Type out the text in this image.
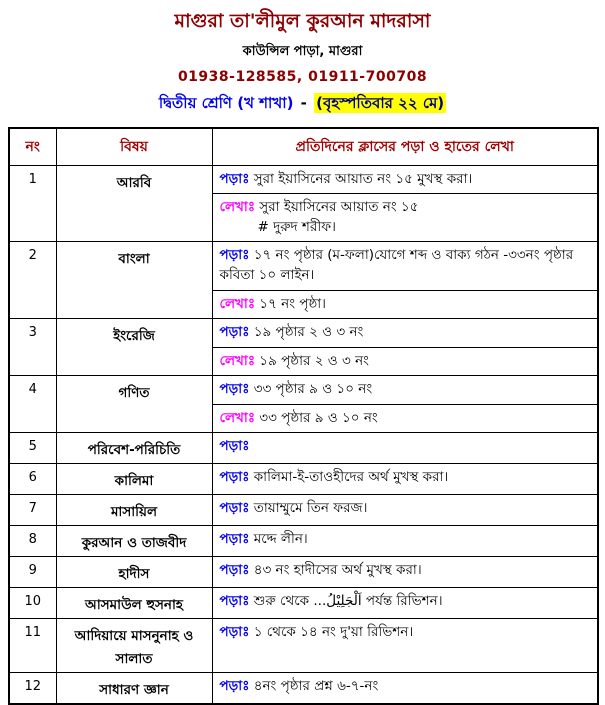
মাগুরা তা'লীমুল কুরআন মাদরাসা
কাউন্সিল পাড়া, মাগুরা
01938-128585, 01911-700708
দ্বিতীয় শ্রেণি (খ শাখা) - (বৃহস্পতিবার ২২ মে)
নং	বিষয়	প্রতিদিনের ক্লাসের পড়া ও হাতের লেখা
1	আরবি	পড়াঃ সুরা ইয়াসিনের আয়াত নং ১৫ মুখস্থ করা।
		লেখাঃ সুরা ইয়াসিনের আয়াত নং ১৫
# দুরুদ শরীফ।

2	বাংলা	পড়াঃ ১৭ নং পৃষ্ঠার (ম-ফলা)যোগে শব্দ ও বাক্য গঠন -৩৩নং পৃষ্ঠার কবিতা ১০ লাইন।
		লেখাঃ ১৭ নং পৃষ্ঠা।
3	ইংরেজি	পড়াঃ ১৯ পৃষ্ঠার ২ ও ৩ নং
		লেখাঃ ১৯ পৃষ্ঠার ২ ও ৩ নং
4	গণিত	পড়াঃ ৩৩ পৃষ্ঠার ৯ ও ১০ নং
		লেখাঃ ৩৩ পৃষ্ঠার ৯ ও ১০ নং
5	পরিবেশ-পরিচিতি	পড়াঃ
6	কালিমা	পড়াঃ কালিমা-ই-তাওহীদের অর্থ মুখস্থ করা।
7	মাসায়িল	পড়াঃ তায়াম্মুমে তিন ফরজ।
8	কুরআন ও তাজবীদ	পড়াঃ মদ্দে লীন।
9	হাদীস	পড়াঃ ৪৩ নং হাদীসের অর্থ মুখস্থ করা।
10	আসমাউল হুসনাহ	পড়াঃ শুরু থেকে ...اَلْجَلِيْلُ পর্যন্ত রিভিশন।
11	আদিয়ায়ে মাসনুনাহ ও সালাত	পড়াঃ ১ থেকে ১৪ নং দু'য়া রিভিশন।
12	সাধারণ জ্ঞান	পড়াঃ ৪নং পৃষ্ঠার প্রশ্ন ৬-৭-নং
